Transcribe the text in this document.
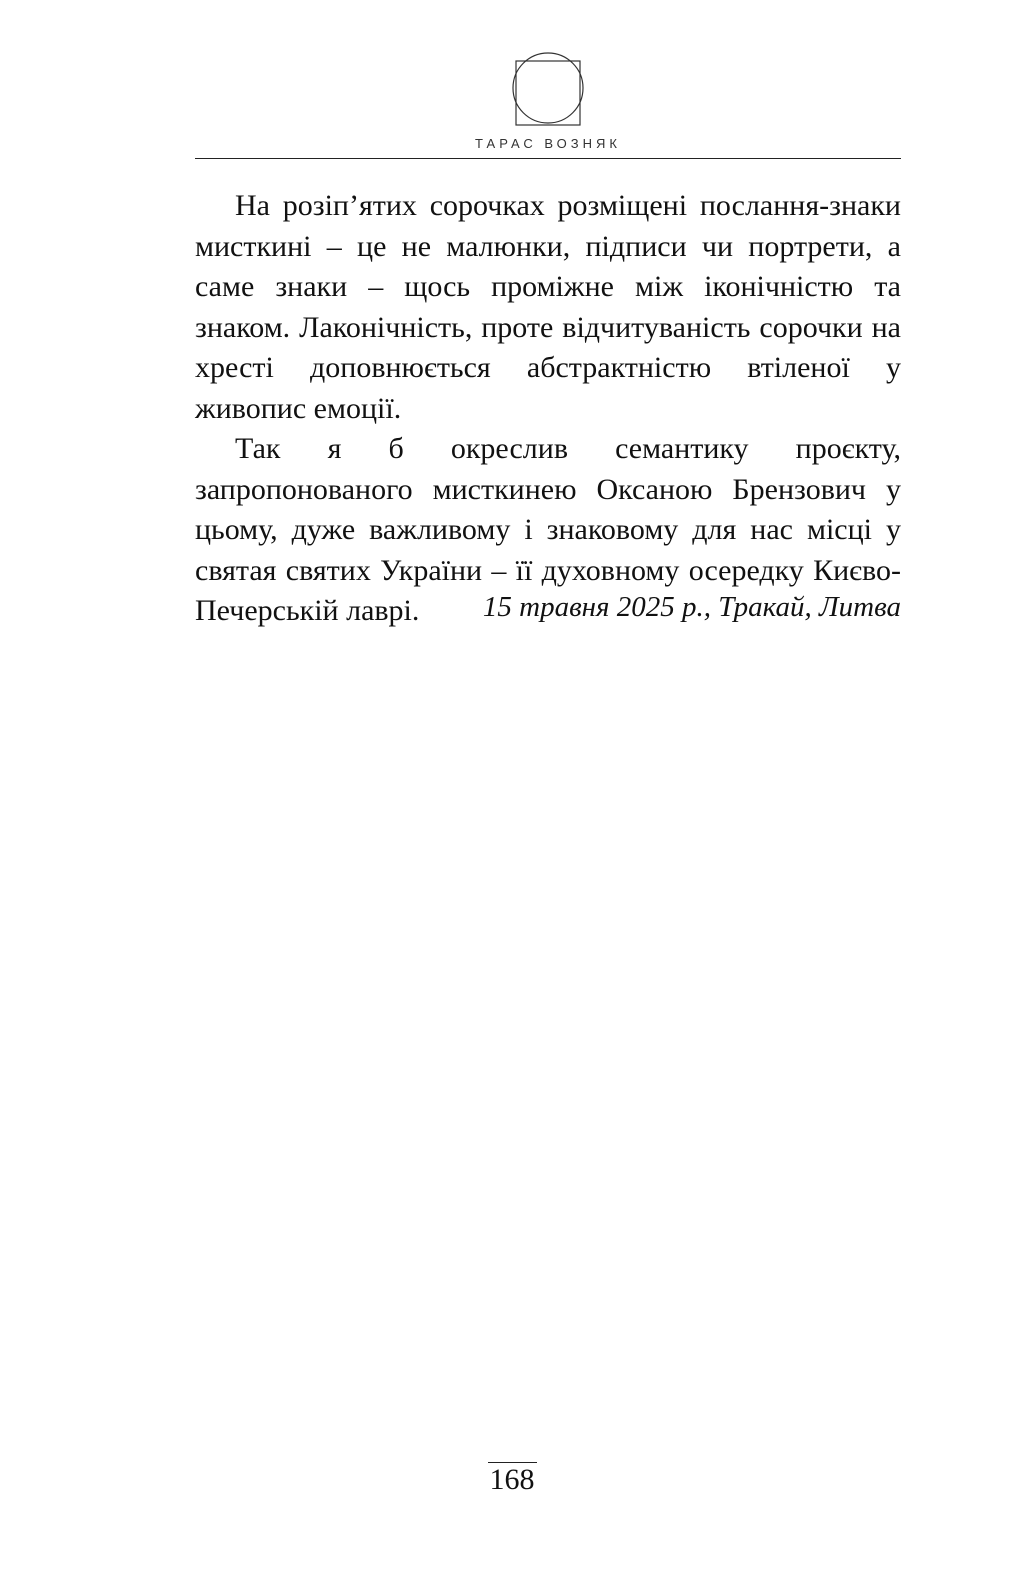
ТАРАС ВОЗНЯК

На розіп’ятих сорочках розміщені послання-знаки мисткині – це не малюнки, підписи чи портрети, а саме знаки – щось проміжне між іконічністю та знаком. Лаконічність, проте відчитуваність сорочки на хресті доповнюється абстрактністю втіленої у живопис емоції.

Так я б окреслив семантику проєкту, запропонованого мисткинею Оксаною Брензович у цьому, дуже важливому і знаковому для нас місці у святая святих України – її духовному осередку Києво-Печерській лаврі.	15 травня 2025 р., Тракай, Литва
168
